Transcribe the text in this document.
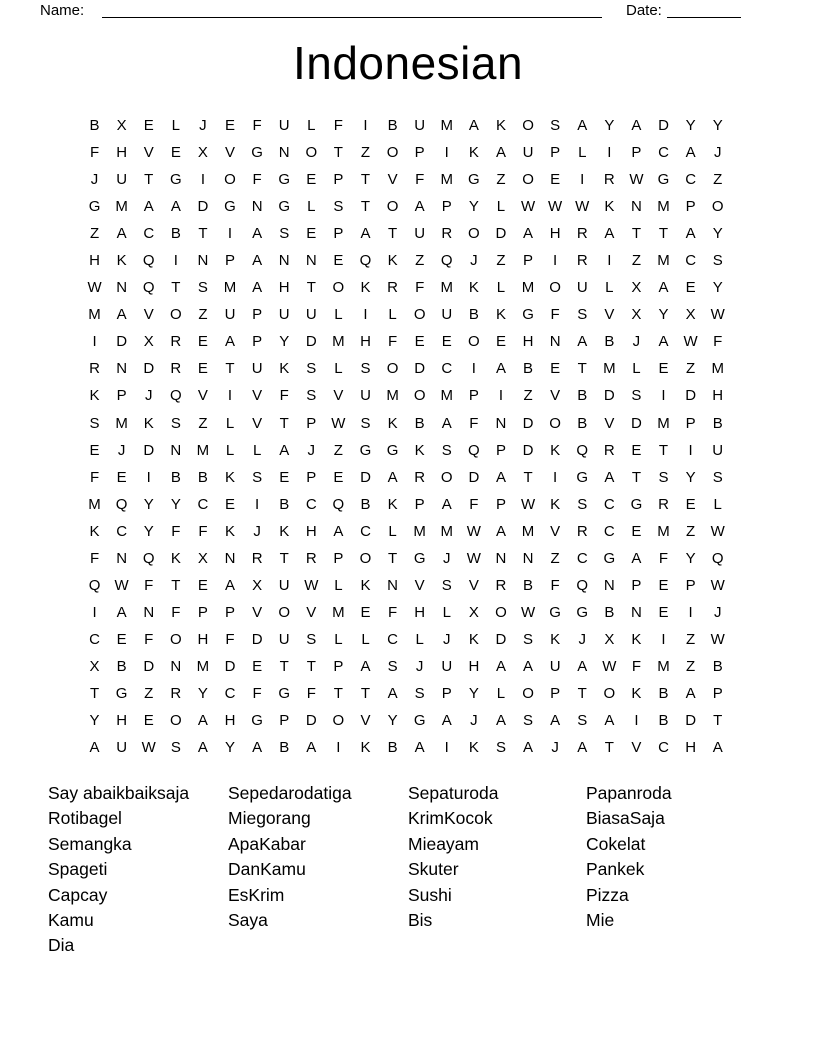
Name:	Date:
Indonesian
B	X	E	L	J	E	F	U	L	F	I	B	U	M	A	K	O	S	A	Y	A	D	Y	Y
F	H	V	E	X	V	G	N	O	T	Z	O	P	I	K	A	U	P	L	I	P	C	A	J
J	U	T	G	I	O	F	G	E	P	T	V	F	M	G	Z	O	E	I	R W G	C	Z
G	M	A	A	D	G	N	G	L	S	T	O	A	P	Y	L	W W W	K	N	M	P	O
Z	A	C	B	T	I	A	S	E	P	A	T	U	R	O	D	A	H	R	A	T	T	A	Y
H	K	Q	I	N	P	A	N	N	E	Q	K	Z	Q	J	Z	P	I	R	I	Z	M	C	S
W N	Q	T	S	M	A	H	T	O	K	R	F	M	K	L	M	O	U	L	X	A	E	Y
M	A	V	O	Z	U	P	U	U	L	I	L	O	U	B	K	G	F	S	V	X	Y	X	W
I	D	X	R	E	A	P	Y	D	M	H	F	E	E	O	E	H	N	A	B	J	A	W	F
R	N	D	R	E	T	U	K	S	L	S	O	D	C	I	A	B	E	T	M	L	E	Z	M
K	P	J	Q	V	I	V	F	S	V	U	M	O	M	P	I	Z	V	B	D	S	I	D	H
S	M	K	S	Z	L	V	T	P	W	S	K	B	A	F	N	D	O	B	V	D	M	P	B
E	J	D	N	M	L	L	A	J	Z	G	G	K	S	Q	P	D	K	Q	R	E	T	I	U
F	E	I	B	B	K	S	E	P	E	D	A	R	O	D	A	T	I	G	A	T	S	Y	S
M	Q	Y	Y	C	E	I	B	C	Q	B	K	P	A	F	P	W	K	S	C	G	R	E	L
K	C	Y	F	F	K	J	K	H	A	C	L	M M W	A	M	V	R	C	E	M	Z	W
F	N	Q	K	X	N	R	T	R	P	O	T	G	J	W N	N	Z	C	G	A	F	Y	Q
Q W	F	T	E	A	X	U W	L	K	N	V	S	V	R	B	F	Q	N	P	E	P	W
I	A	N	F	P	P	V	O	V	M	E	F	H	L	X	O W G	G	B	N	E	I	J
C	E	F	O	H	F	D	U	S	L	L	C	L	J	K	D	S	K	J	X	K	I	Z	W
X	B	D	N	M	D	E	T	T	P	A	S	J	U	H	A	A	U	A	W	F	M	Z	B
T	G	Z	R	Y	C	F	G	F	T	T	A	S	P	Y	L	O	P	T	O	K	B	A	P
Y	H	E	O	A	H	G	P	D	O	V	Y	G	A	J	A	S	A	S	A	I	B	D	T
A	U W	S	A	Y	A	B	A	I	K	B	A	I	K	S	A	J	A	T	V	C	H	A
Say abaikbaiksaja
Rotibagel
Semangka
Spageti
Capcay
Kamu
Dia
Sepedarodatiga
Miegorang
ApaKabar
DanKamu
EsKrim
Saya
Sepaturoda
KrimKocok
Mieayam
Skuter
Sushi
Bis
Papanroda
BiasaSaja
Cokelat
Pankek
Pizza
Mie
